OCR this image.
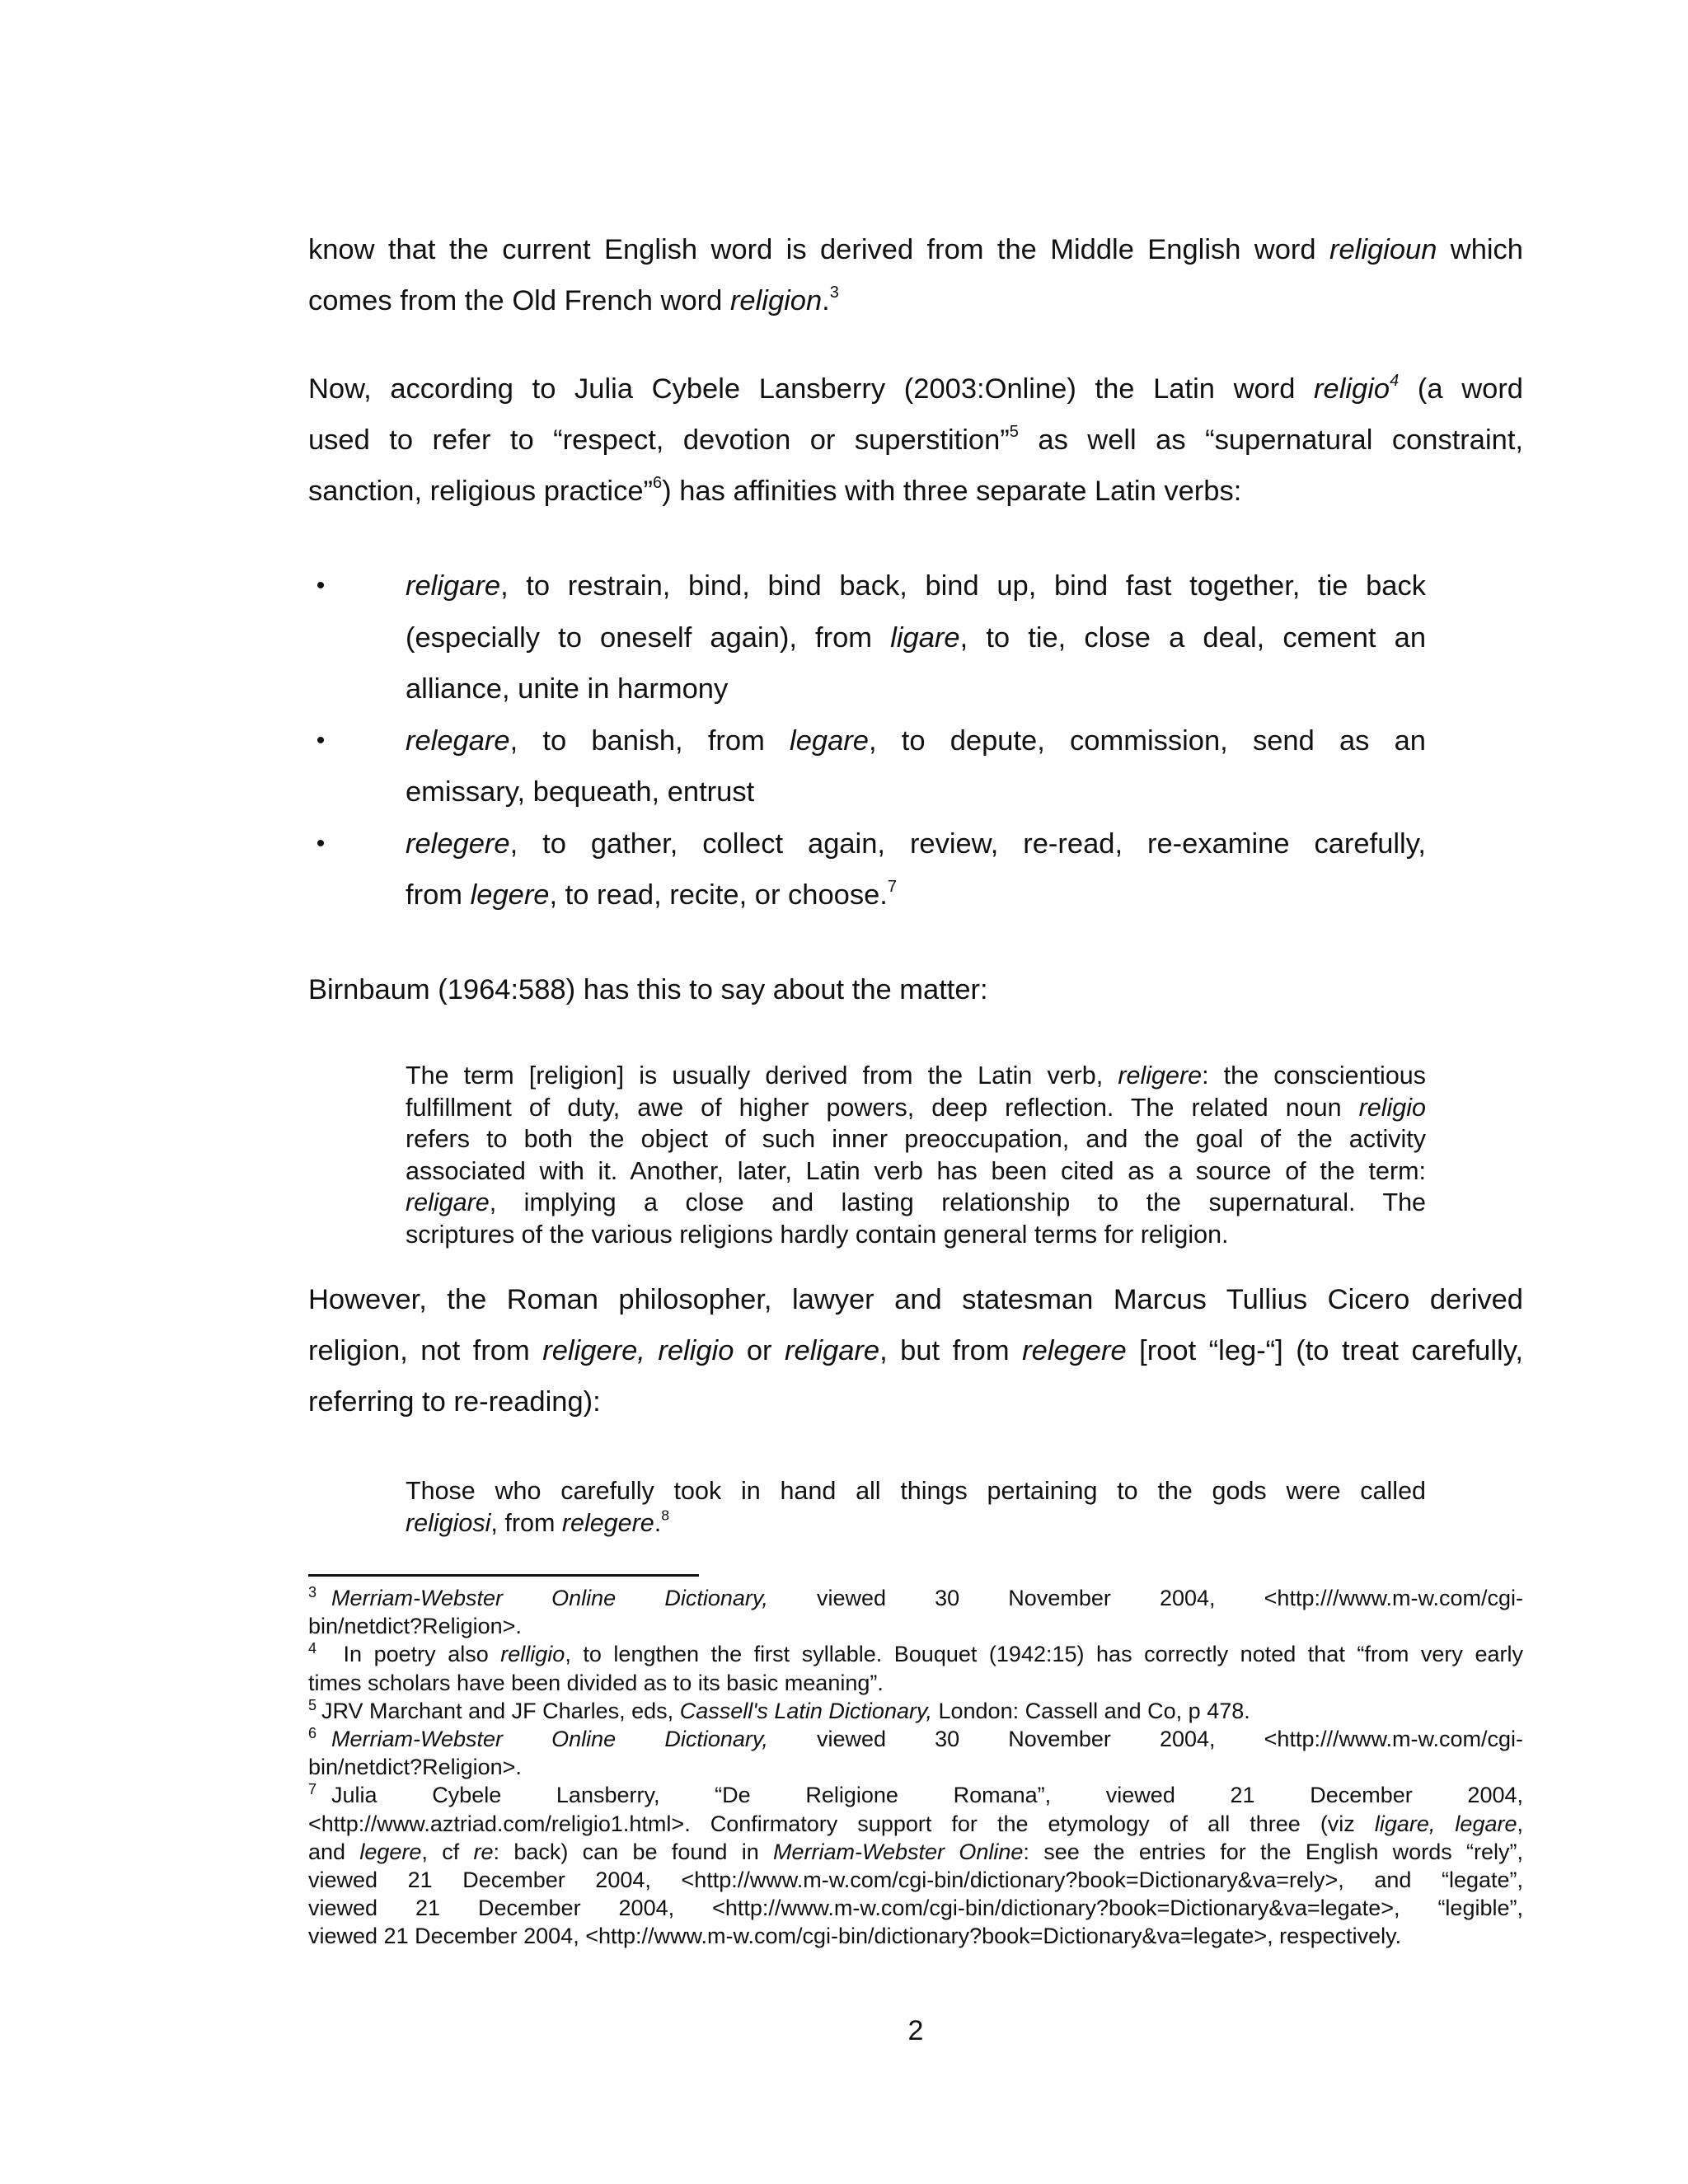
know that the current English word is derived from the Middle English word religioun which
comes from the Old French word religion.$^3$

Now, according to Julia Cybele Lansberry (2003:Online) the Latin word religio$^4$ (a word
used to refer to “respect, devotion or superstition”$^5$ as well as “supernatural constraint,
sanction, religious practice”$^6$) has affinities with three separate Latin verbs:

•	religare, to restrain, bind, bind back, bind up, bind fast together, tie back
(especially to oneself again), from ligare, to tie, close a deal, cement an
alliance, unite in harmony
•	relegare, to banish, from legare, to depute, commission, send as an
emissary, bequeath, entrust
•	relegere, to gather, collect again, review, re-read, re-examine carefully,
from legere, to read, recite, or choose.$^7$

Birnbaum (1964:588) has this to say about the matter:

The term [religion] is usually derived from the Latin verb, religere: the conscientious
fulfillment of duty, awe of higher powers, deep reflection. The related noun religio
refers to both the object of such inner preoccupation, and the goal of the activity
associated with it. Another, later, Latin verb has been cited as a source of the term:
religare, implying a close and lasting relationship to the supernatural. The
scriptures of the various religions hardly contain general terms for religion.

However, the Roman philosopher, lawyer and statesman Marcus Tullius Cicero derived
religion, not from religere, religio or religare, but from relegere [root “leg-“] (to treat carefully,
referring to re-reading):

Those who carefully took in hand all things pertaining to the gods were called
religiosi, from relegere.$^8$
3 Merriam-Webster Online Dictionary, viewed 30 November 2004, <http:///www.m-w.com/cgi-
bin/netdict?Religion>.
4 In poetry also relligio, to lengthen the first syllable. Bouquet (1942:15) has correctly noted that “from very early
times scholars have been divided as to its basic meaning”.
5 JRV Marchant and JF Charles, eds, Cassell's Latin Dictionary, London: Cassell and Co, p 478.
6 Merriam-Webster Online Dictionary, viewed 30 November 2004, <http:///www.m-w.com/cgi-
bin/netdict?Religion>.
7 Julia Cybele Lansberry, “De Religione Romana”, viewed 21 December 2004,
<http://www.aztriad.com/religio1.html>. Confirmatory support for the etymology of all three (viz ligare, legare,
and legere, cf re: back) can be found in Merriam-Webster Online: see the entries for the English words “rely”,
viewed 21 December 2004, <http://www.m-w.com/cgi-bin/dictionary?book=Dictionary&va=rely>, and “legate”,
viewed 21 December 2004, <http://www.m-w.com/cgi-bin/dictionary?book=Dictionary&va=legate>, “legible”,
viewed 21 December 2004, <http://www.m-w.com/cgi-bin/dictionary?book=Dictionary&va=legate>, respectively.
2
